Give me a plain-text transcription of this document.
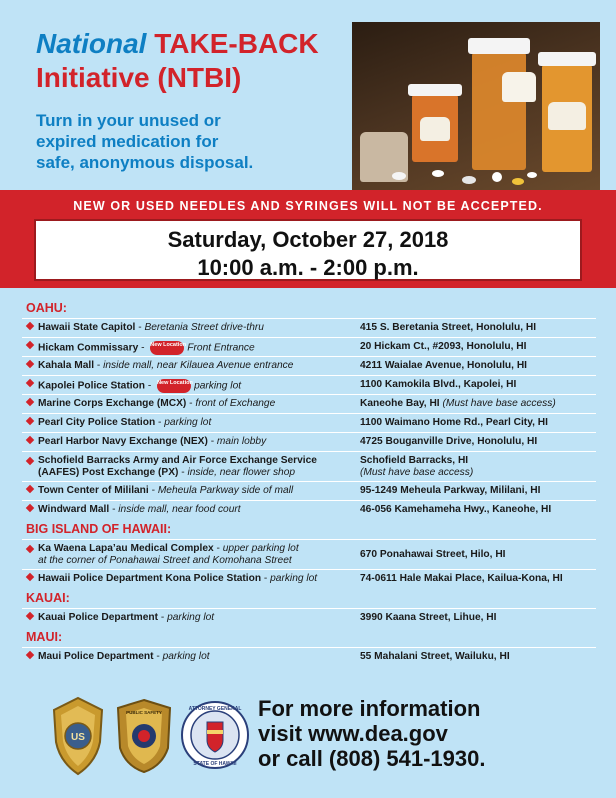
National TAKE-BACK
Initiative (NTBI)
Turn in your unused or
expired medication for
safe, anonymous disposal.
NEW OR USED NEEDLES AND SYRINGES WILL NOT BE ACCEPTED.
Saturday, October 27, 2018
10:00 a.m. - 2:00 p.m.
OAHU:
Hawaii State Capitol - Beretania Street drive-thru	415 S. Beretania Street, Honolulu, HI
Hickam Commissary - New LocationFront Entrance	20 Hickam Ct., #2093, Honolulu, HI
Kahala Mall - inside mall, near Kilauea Avenue entrance	4211 Waialae Avenue, Honolulu, HI
Kapolei Police Station - New Locationparking lot	1100 Kamokila Blvd., Kapolei, HI
Marine Corps Exchange (MCX) - front of Exchange	Kaneohe Bay, HI (Must have base access)
Pearl City Police Station - parking lot	1100 Waimano Home Rd., Pearl City, HI
Pearl Harbor Navy Exchange (NEX) - main lobby	4725 Bouganville Drive, Honolulu, HI
Schofield Barracks Army and Air Force Exchange Service
(AAFES) Post Exchange (PX) - inside, near flower shop
Schofield Barracks, HI
(Must have base access)
Town Center of Mililani - Meheula Parkway side of mall	95-1249 Meheula Parkway, Mililani, HI
Windward Mall - inside mall, near food court	46-056 Kamehameha Hwy., Kaneohe, HI
BIG ISLAND OF HAWAII:
Ka Waena Lapa’au Medical Complex - upper parking lot
at the corner of Ponahawai Street and Komohana Street
670 Ponahawai Street, Hilo, HI
Hawaii Police Department Kona Police Station - parking lot	74-0611 Hale Makai Place, Kailua-Kona, HI
KAUAI:
Kauai Police Department - parking lot	3990 Kaana Street, Lihue, HI
MAUI:
Maui Police Department - parking lot	55 Mahalani Street, Wailuku, HI
US
PUBLIC SAFETY
ATTORNEY GENERAL
STATE OF HAWAII
For more information
visit www.dea.gov
or call (808) 541-1930.
